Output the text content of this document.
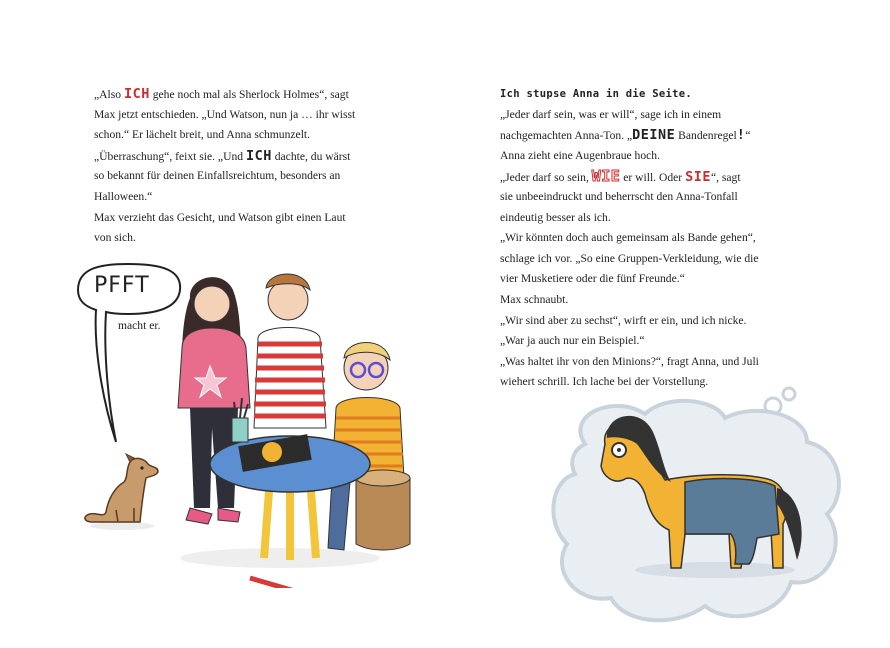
„Also ICH gehe noch mal als Sherlock Holmes“, sagt
Max jetzt entschieden. „Und Watson, nun ja … ihr wisst
schon.“ Er lächelt breit, und Anna schmunzelt.
„Überraschung“, feixt sie. „Und ICH dachte, du wärst
so bekannt für deinen Einfallsreichtum, besonders an
Halloween.“
Max verzieht das Gesicht, und Watson gibt einen Laut
von sich.
PFFT
macht er.
Ich stupse Anna in die Seite.
„Jeder darf sein, was er will“, sage ich in einem
nachgemachten Anna-Ton. „DEINE Bandenregel!“
Anna zieht eine Augenbraue hoch.
„Jeder darf so sein, WIE er will. Oder SIE“, sagt
sie unbeeindruckt und beherrscht den Anna-Tonfall
eindeutig besser als ich.
„Wir könnten doch auch gemeinsam als Bande gehen“,
schlage ich vor. „So eine Gruppen-Verkleidung, wie die
vier Musketiere oder die fünf Freunde.“
Max schnaubt.
„Wir sind aber zu sechst“, wirft er ein, und ich nicke.
„War ja auch nur ein Beispiel.“
„Was haltet ihr von den Minions?“, fragt Anna, und Juli
wiehert schrill. Ich lache bei der Vorstellung.
